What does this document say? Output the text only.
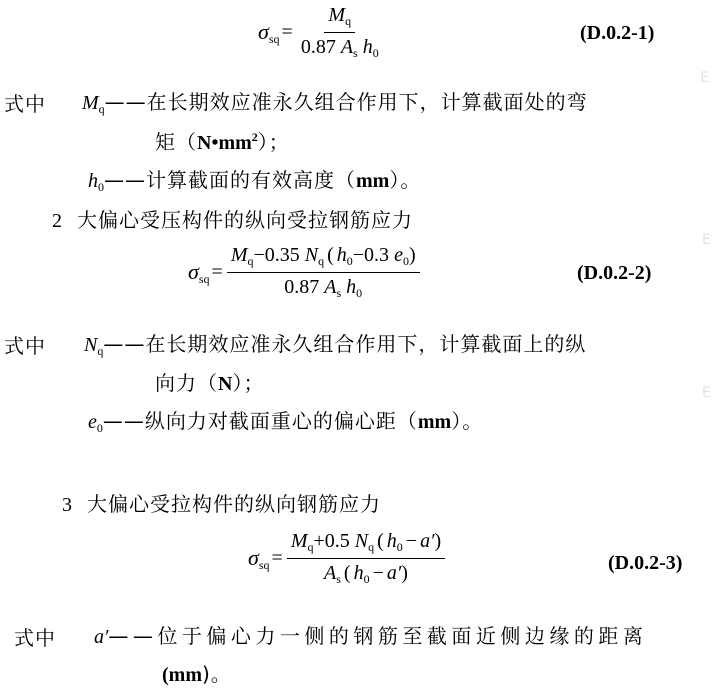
$\sigma_{sq} = \frac{M_q}{0.87 A_s h_0}$	(D.0.2-1)
式中 $M_q——$在长期效应准永久组合作用下，计算截面处的弯
矩$(N•mm^2)$；
$h_0——$计算截面的有效高度（mm）。
2 大偏心受压构件的纵向受拉钢筋应力
$\sigma_{sq} = \frac{M_q-0.35 N_q ( h_0-0.3 e_0)}{0.87 A_s h_0}$	(D.0.2-2)
式中 $N_q——$在长期效应准永久组合作用下，计算截面上的纵
向力（N）；
$e_0——$纵向力对截面重心的偏心距（mm）。
3 大偏心受拉构件的纵向钢筋应力
$\sigma_{sq} = \frac{M_q+0.5 N_q ( h_0 - a')}{A_s ( h_0 - a')}$	(D.0.2-3)
式中 a′——位于偏心力一侧的钢筋至截面近侧边缘的距离
(mm)。
E
E
E
